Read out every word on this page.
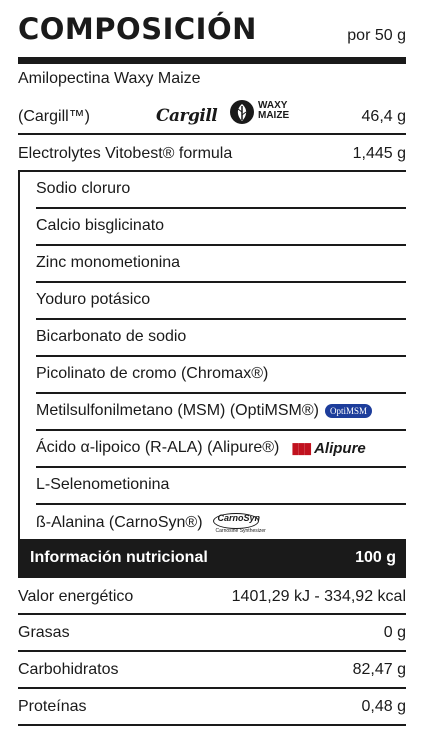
COMPOSICIÓN	por 50 g
Amilopectina Waxy Maize
(Cargill™)	46,4 g
Cargill
WAXY
MAIZE
Electrolytes Vitobest® formula	1,445 g
Sodio cloruro
Calcio bisglicinato
Zinc monometionina
Yoduro potásico
Bicarbonato de sodio
Picolinato de cromo (Chromax®)
Metilsulfonilmetano (MSM) (OptiMSM®) OptiMSM
Ácido α-lipoico (R-ALA) (Alipure®) ▮▮▮ Alipure
L-Selenometionina
ß-Alanina (CarnoSyn®) CarnoSyn
Carnosine Synthesizer
Información nutricional	100 g
Valor energético	1401,29 kJ - 334,92 kcal
Grasas	0 g
Carbohidratos	82,47 g
Proteínas	0,48 g
